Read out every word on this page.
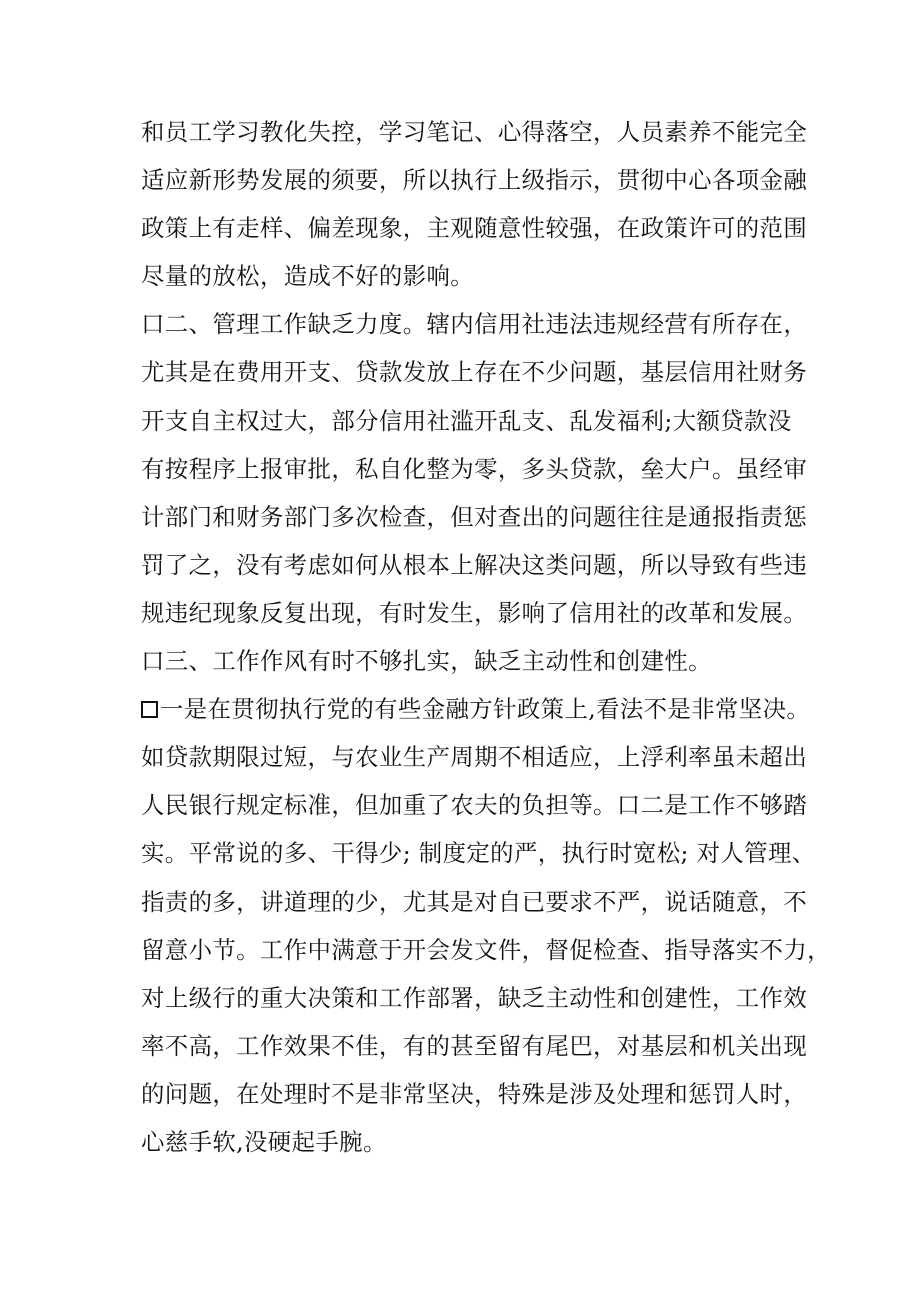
和员工学习教化失控，学习笔记、心得落空，人员素养不能完全
适应新形势发展的须要，所以执行上级指示，贯彻中心各项金融
政策上有走样、偏差现象，主观随意性较强，在政策许可的范围
尽量的放松，造成不好的影响。
口二、管理工作缺乏力度。辖内信用社违法违规经营有所存在，
尤其是在费用开支、贷款发放上存在不少问题，基层信用社财务
开支自主权过大，部分信用社滥开乱支、乱发福利;大额贷款没
有按程序上报审批，私自化整为零，多头贷款，垒大户。虽经审
计部门和财务部门多次检查，但对查出的问题往往是通报指责惩
罚了之，没有考虑如何从根本上解决这类问题，所以导致有些违
规违纪现象反复出现，有时发生，影响了信用社的改革和发展。
口三、工作作风有时不够扎实，缺乏主动性和创建性。
一是在贯彻执行党的有些金融方针政策上,看法不是非常坚决。
如贷款期限过短，与农业生产周期不相适应，上浮利率虽未超出
人民银行规定标准，但加重了农夫的负担等。口二是工作不够踏
实。平常说的多、干得少; 制度定的严，执行时宽松; 对人管理、
指责的多，讲道理的少，尤其是对自已要求不严，说话随意，不
留意小节。工作中满意于开会发文件，督促检查、指导落实不力，
对上级行的重大决策和工作部署，缺乏主动性和创建性，工作效
率不高，工作效果不佳，有的甚至留有尾巴，对基层和机关出现
的问题，在处理时不是非常坚决，特殊是涉及处理和惩罚人时，
心慈手软,没硬起手腕。
